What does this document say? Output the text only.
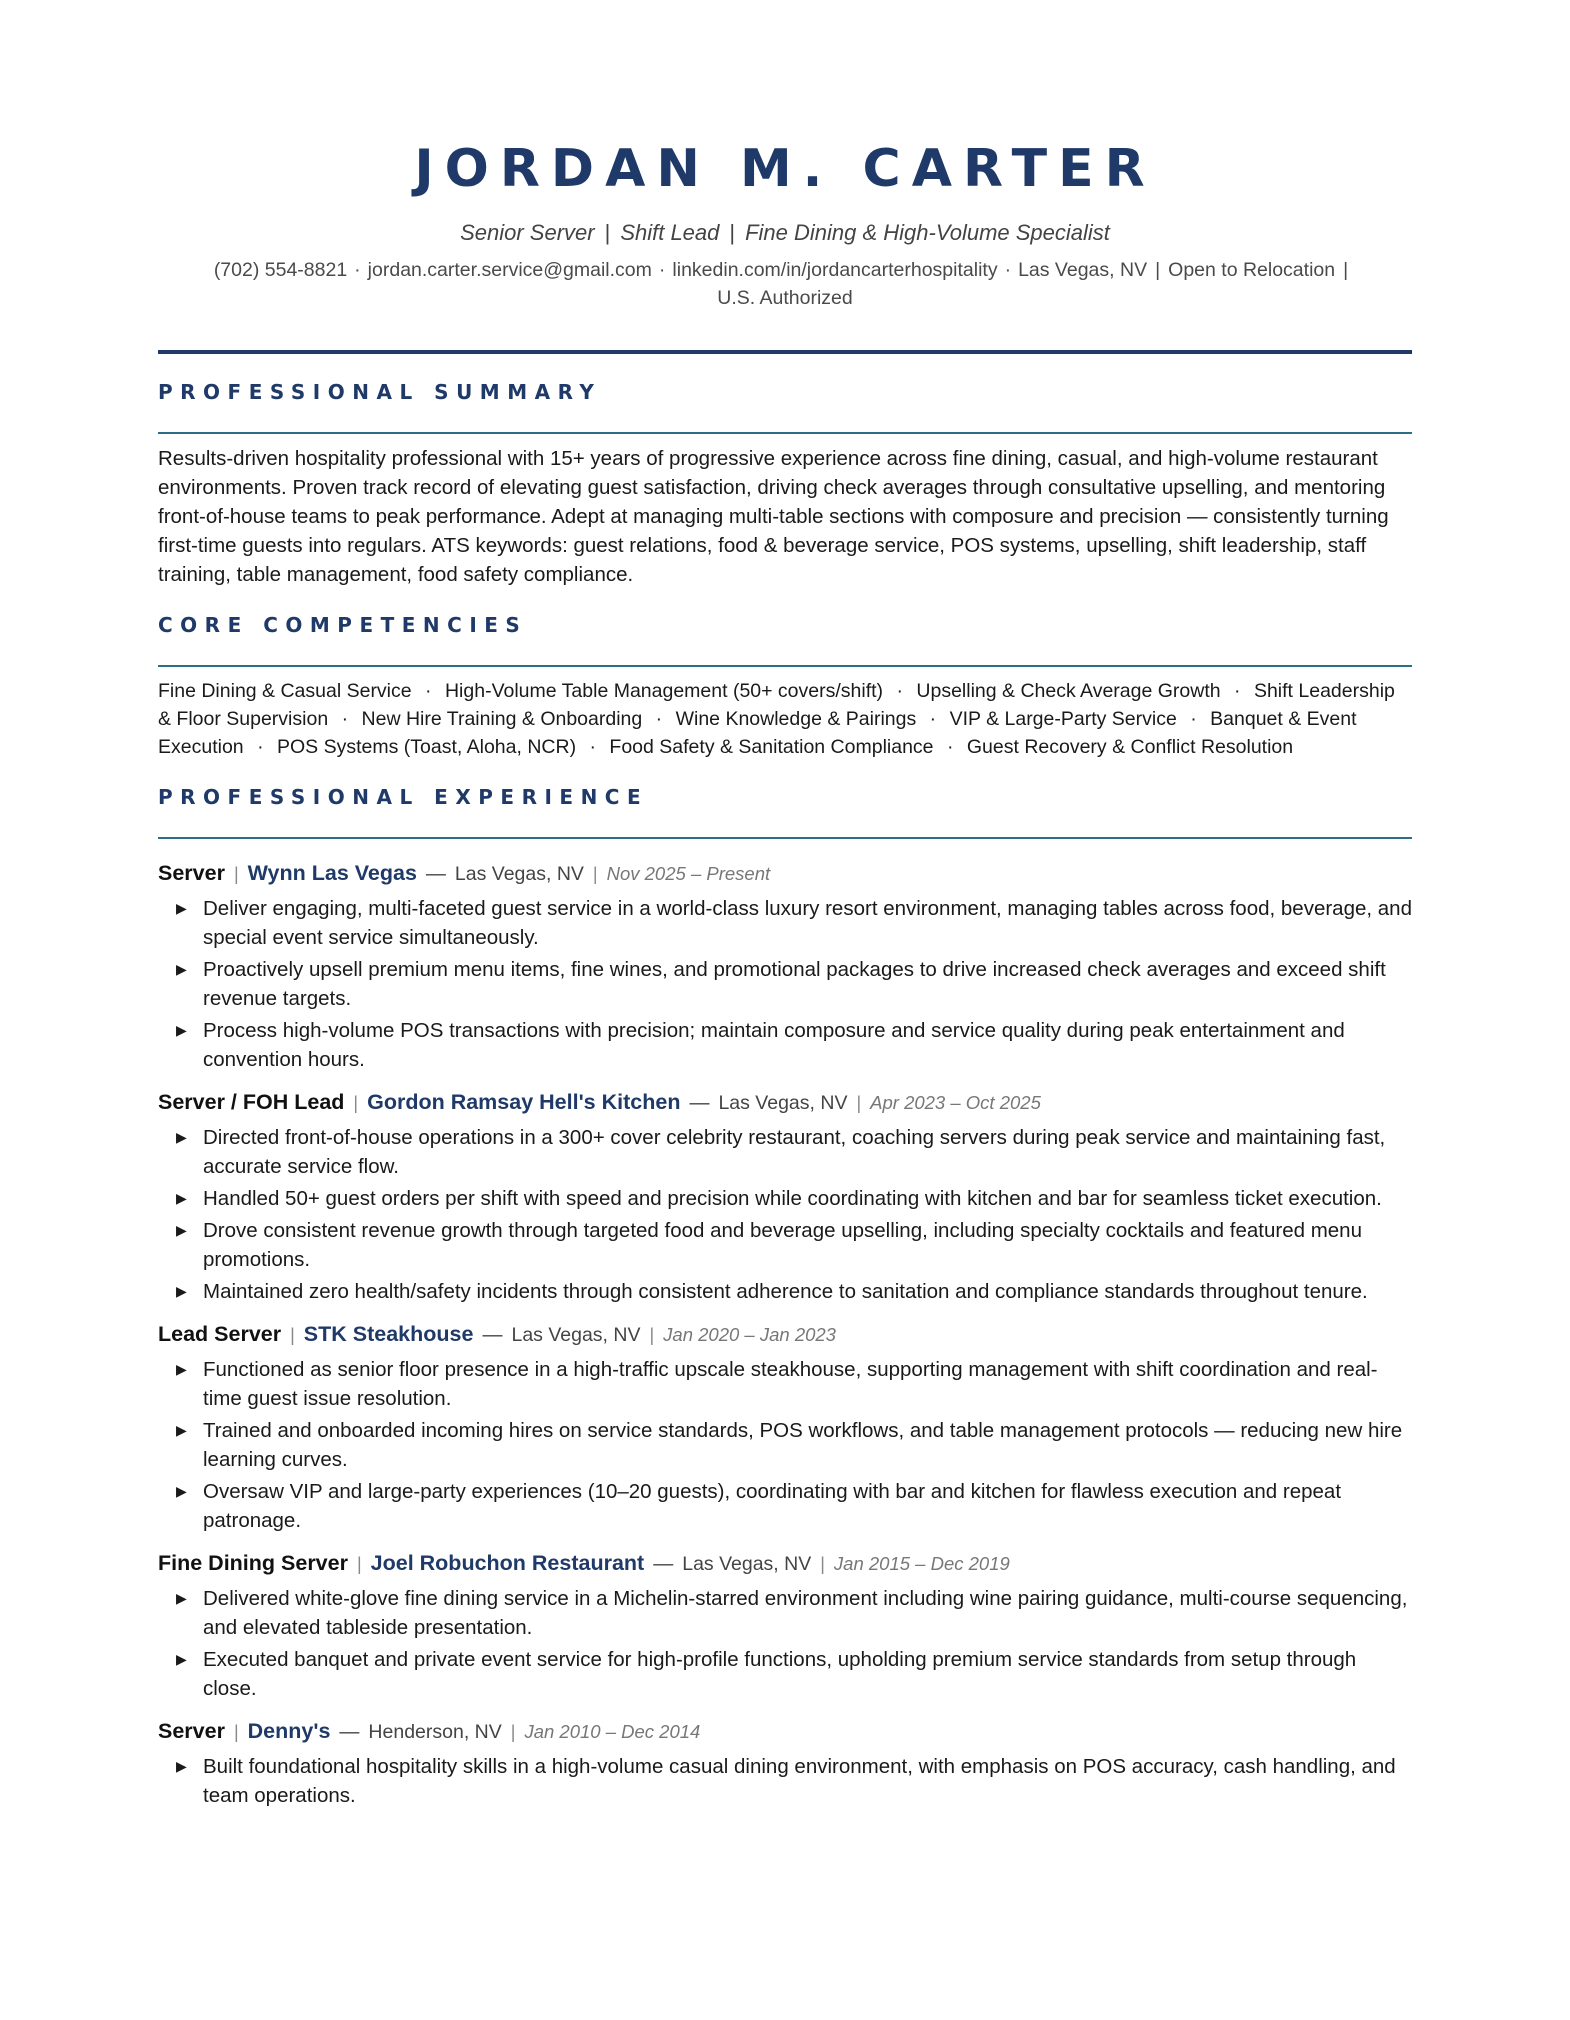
JORDAN M. CARTER
Senior Server | Shift Lead | Fine Dining & High-Volume Specialist
(702) 554-8821 · jordan.carter.service@gmail.com · linkedin.com/in/jordancarterhospitality · Las Vegas, NV | Open to Relocation |
U.S. Authorized
PROFESSIONAL SUMMARY
Results-driven hospitality professional with 15+ years of progressive experience across fine dining, casual, and high-volume restaurant environments. Proven track record of elevating guest satisfaction, driving check averages through consultative upselling, and mentoring front-of-house teams to peak performance. Adept at managing multi-table sections with composure and precision — consistently turning first-time guests into regulars. ATS keywords: guest relations, food & beverage service, POS systems, upselling, shift leadership, staff training, table management, food safety compliance.
CORE COMPETENCIES
Fine Dining & Casual Service · High-Volume Table Management (50+ covers/shift) · Upselling & Check Average Growth · Shift Leadership & Floor Supervision · New Hire Training & Onboarding · Wine Knowledge & Pairings · VIP & Large-Party Service · Banquet & Event Execution · POS Systems (Toast, Aloha, NCR) · Food Safety & Sanitation Compliance · Guest Recovery & Conflict Resolution
PROFESSIONAL EXPERIENCE
Server | Wynn Las Vegas — Las Vegas, NV | Nov 2025 – Present
▶ Deliver engaging, multi-faceted guest service in a world-class luxury resort environment, managing tables across food, beverage, and special event service simultaneously.
▶ Proactively upsell premium menu items, fine wines, and promotional packages to drive increased check averages and exceed shift revenue targets.
▶ Process high-volume POS transactions with precision; maintain composure and service quality during peak entertainment and convention hours.
Server / FOH Lead | Gordon Ramsay Hell's Kitchen — Las Vegas, NV | Apr 2023 – Oct 2025
▶ Directed front-of-house operations in a 300+ cover celebrity restaurant, coaching servers during peak service and maintaining fast, accurate service flow.
▶ Handled 50+ guest orders per shift with speed and precision while coordinating with kitchen and bar for seamless ticket execution.
▶ Drove consistent revenue growth through targeted food and beverage upselling, including specialty cocktails and featured menu promotions.
▶ Maintained zero health/safety incidents through consistent adherence to sanitation and compliance standards throughout tenure.
Lead Server | STK Steakhouse — Las Vegas, NV | Jan 2020 – Jan 2023
▶ Functioned as senior floor presence in a high-traffic upscale steakhouse, supporting management with shift coordination and real-time guest issue resolution.
▶ Trained and onboarded incoming hires on service standards, POS workflows, and table management protocols — reducing new hire learning curves.
▶ Oversaw VIP and large-party experiences (10–20 guests), coordinating with bar and kitchen for flawless execution and repeat patronage.
Fine Dining Server | Joel Robuchon Restaurant — Las Vegas, NV | Jan 2015 – Dec 2019
▶ Delivered white-glove fine dining service in a Michelin-starred environment including wine pairing guidance, multi-course sequencing, and elevated tableside presentation.
▶ Executed banquet and private event service for high-profile functions, upholding premium service standards from setup through close.
Server | Denny's — Henderson, NV | Jan 2010 – Dec 2014
▶ Built foundational hospitality skills in a high-volume casual dining environment, with emphasis on POS accuracy, cash handling, and team operations.
